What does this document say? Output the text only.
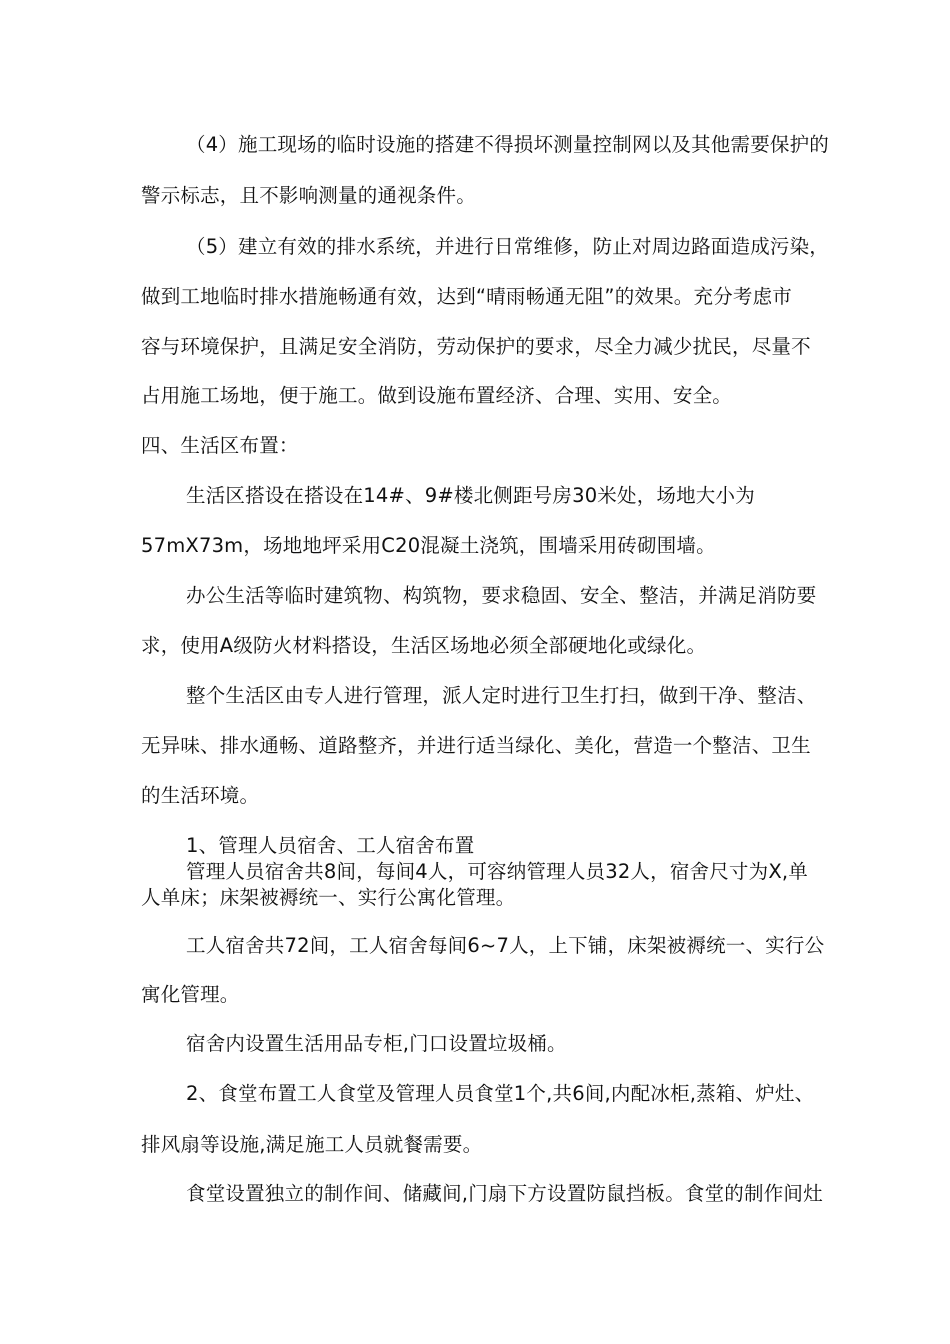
（4）施工现场的临时设施的搭建不得损坏测量控制网以及其他需要保护的
警示标志，且不影响测量的通视条件。
（5）建立有效的排水系统，并进行日常维修，防止对周边路面造成污染，
做到工地临时排水措施畅通有效，达到“晴雨畅通无阻”的效果。充分考虑市
容与环境保护，且满足安全消防，劳动保护的要求，尽全力减少扰民，尽量不
占用施工场地，便于施工。做到设施布置经济、合理、实用、安全。
四、生活区布置：
生活区搭设在搭设在14#、9#楼北侧距号房30米处，场地大小为
57mX73m，场地地坪采用C20混凝土浇筑，围墙采用砖砌围墙。
办公生活等临时建筑物、构筑物，要求稳固、安全、整洁，并满足消防要
求，使用A级防火材料搭设，生活区场地必须全部硬地化或绿化。
整个生活区由专人进行管理，派人定时进行卫生打扫，做到干净、整洁、
无异味、排水通畅、道路整齐，并进行适当绿化、美化，营造一个整洁、卫生
的生活环境。
1、管理人员宿舍、工人宿舍布置
管理人员宿舍共8间，每间4人，可容纳管理人员32人，宿舍尺寸为X,单
人单床；床架被褥统一、实行公寓化管理。
工人宿舍共72间，工人宿舍每间6~7人，上下铺，床架被褥统一、实行公
寓化管理。
宿舍内设置生活用品专柜,门口设置垃圾桶。
2、食堂布置工人食堂及管理人员食堂1个,共6间,内配冰柜,蒸箱、炉灶、
排风扇等设施,满足施工人员就餐需要。
食堂设置独立的制作间、储藏间,门扇下方设置防鼠挡板。食堂的制作间灶
